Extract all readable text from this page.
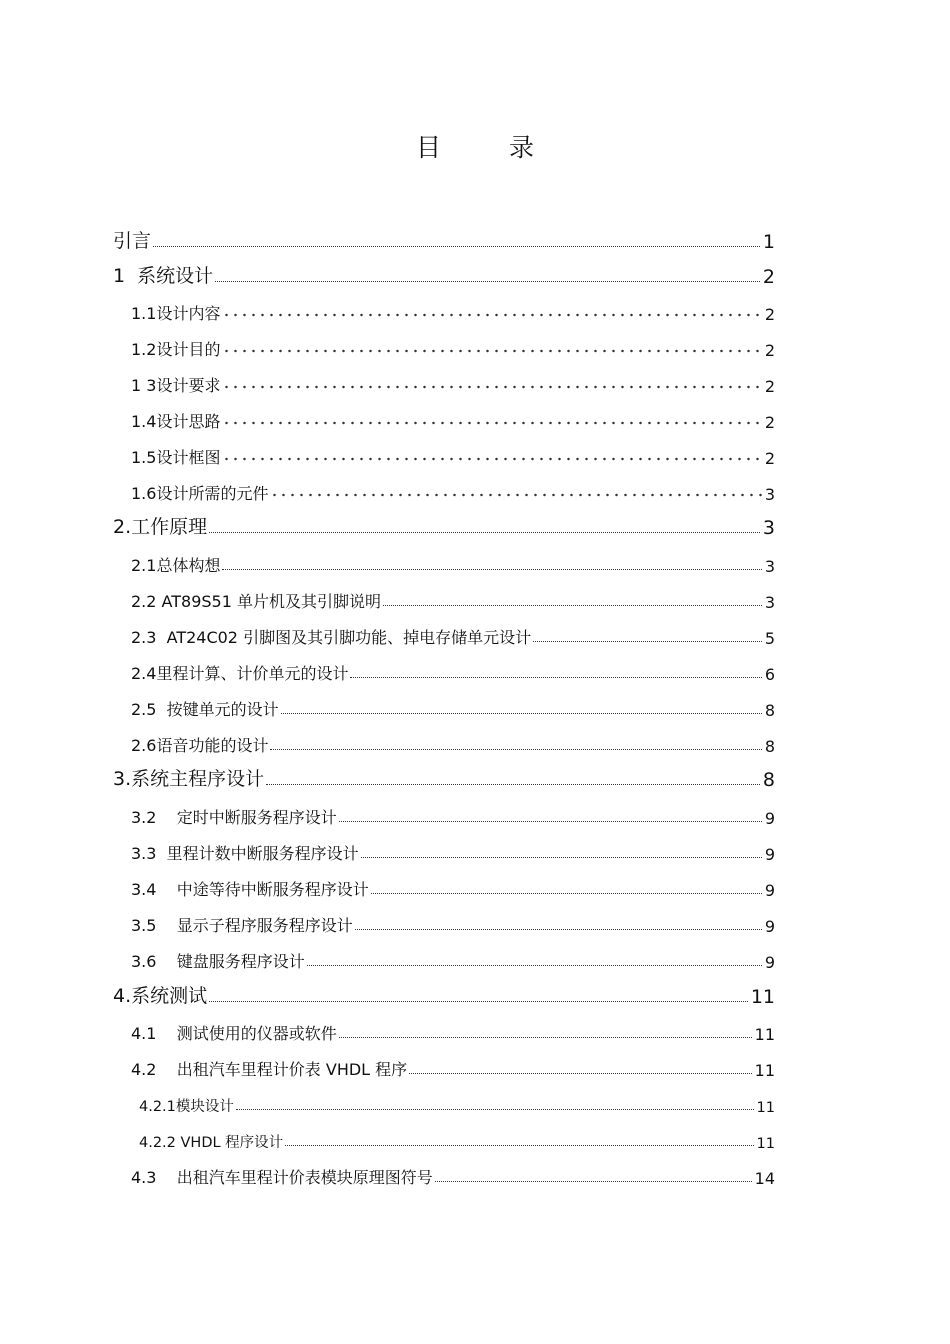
目 录
引言	1
1  系统设计	2
1.1设计内容	2
1.2设计目的	2
1 3设计要求	2
1.4设计思路	2
1.5设计框图	2
1.6设计所需的元件	3
2.工作原理	3
2.1总体构想	3
2.2 AT89S51 单片机及其引脚说明	3
2.3  AT24C02 引脚图及其引脚功能、掉电存储单元设计	5
2.4里程计算、计价单元的设计	6
2.5  按键单元的设计	8
2.6语音功能的设计	8
3.系统主程序设计	8
3.2    定时中断服务程序设计	9
3.3  里程计数中断服务程序设计	9
3.4    中途等待中断服务程序设计	9
3.5    显示子程序服务程序设计	9
3.6    键盘服务程序设计	9
4.系统测试	11
4.1    测试使用的仪器或软件	11
4.2    出租汽车里程计价表 VHDL 程序	11
4.2.1模块设计	11
4.2.2 VHDL 程序设计	11
4.3    出租汽车里程计价表模块原理图符号	14
